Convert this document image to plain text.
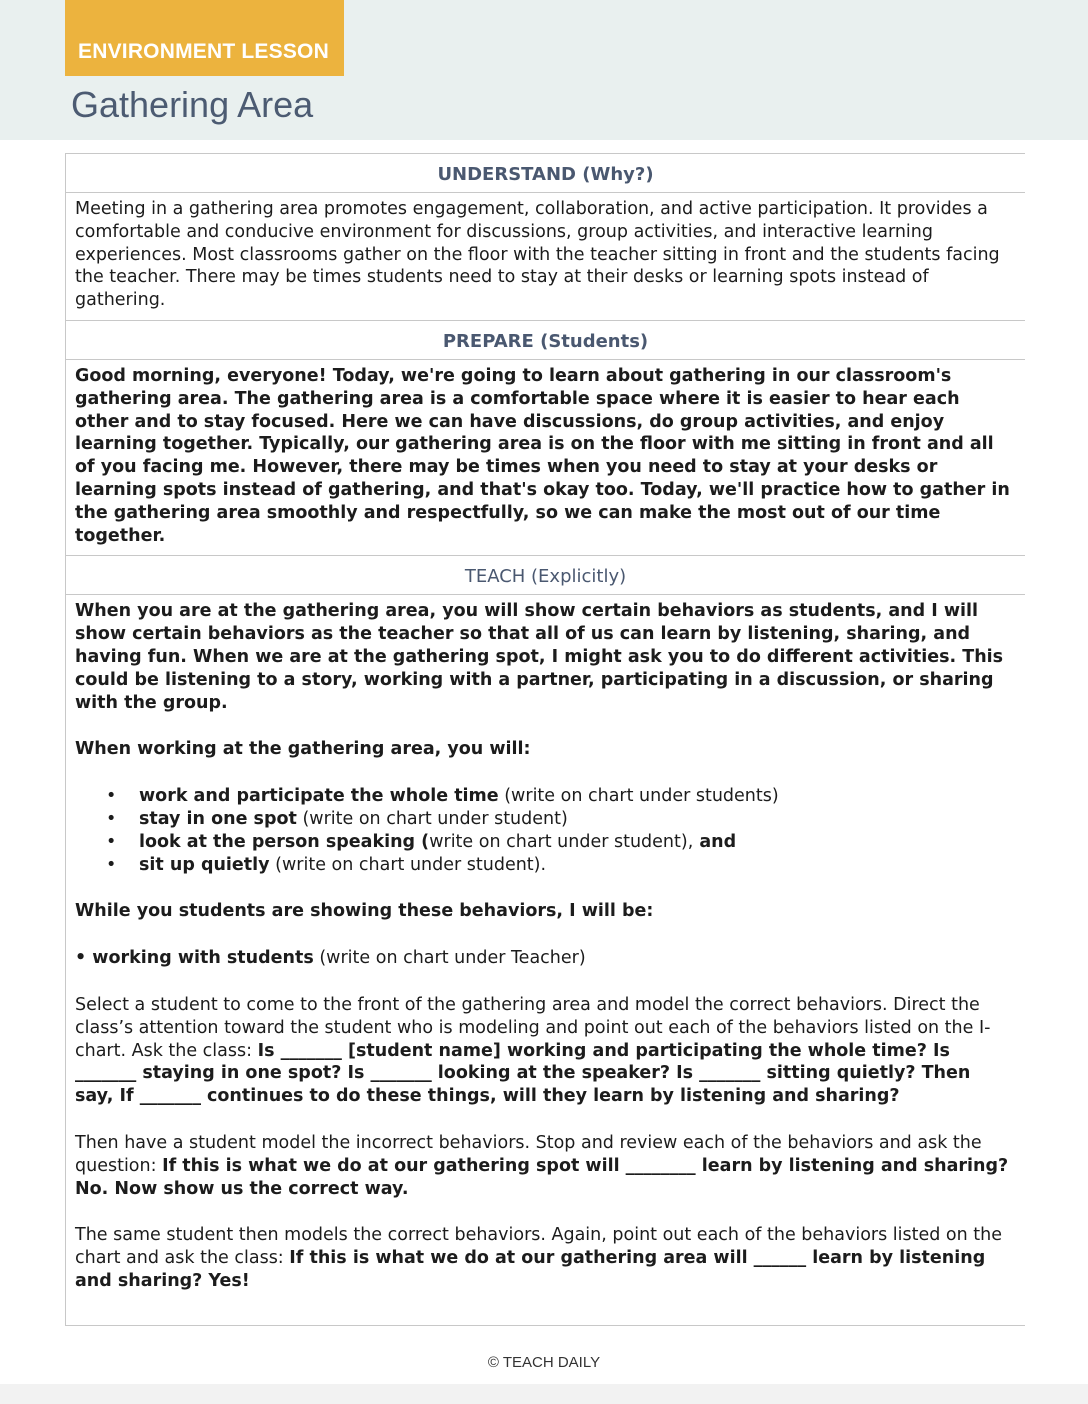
ENVIRONMENT LESSON
Gathering Area
UNDERSTAND (Why?)

Meeting in a gathering area promotes engagement, collaboration, and active participation. It provides a comfortable and conducive environment for discussions, group activities, and interactive learning experiences. Most classrooms gather on the floor with the teacher sitting in front and the students facing the teacher. There may be times students need to stay at their desks or learning spots instead of gathering.

PREPARE (Students)

Good morning, everyone! Today, we're going to learn about gathering in our classroom's gathering area. The gathering area is a comfortable space where it is easier to hear each other and to stay focused. Here we can have discussions, do group activities, and enjoy learning together. Typically, our gathering area is on the floor with me sitting in front and all of you facing me. However, there may be times when you need to stay at your desks or learning spots instead of gathering, and that's okay too. Today, we'll practice how to gather in the gathering area smoothly and respectfully, so we can make the most out of our time together.

TEACH (Explicitly)

When you are at the gathering area, you will show certain behaviors as students, and I will show certain behaviors as the teacher so that all of us can learn by listening, sharing, and having fun. When we are at the gathering spot, I might ask you to do different activities. This could be listening to a story, working with a partner, participating in a discussion, or sharing with the group.

When working at the gathering area, you will:

• work and participate the whole time (write on chart under students)
• stay in one spot (write on chart under student)
• look at the person speaking (write on chart under student), and
• sit up quietly (write on chart under student).

While you students are showing these behaviors, I will be:

• working with students (write on chart under Teacher)

Select a student to come to the front of the gathering area and model the correct behaviors. Direct the class’s attention toward the student who is modeling and point out each of the behaviors listed on the I-chart. Ask the class: Is _______ [student name] working and participating the whole time? Is _______ staying in one spot? Is _______ looking at the speaker? Is _______ sitting quietly? Then say, If _______ continues to do these things, will they learn by listening and sharing?

Then have a student model the incorrect behaviors. Stop and review each of the behaviors and ask the question: If this is what we do at our gathering spot will ________ learn by listening and sharing? No. Now show us the correct way.

The same student then models the correct behaviors. Again, point out each of the behaviors listed on the chart and ask the class: If this is what we do at our gathering area will ______ learn by listening and sharing? Yes!

© TEACH DAILY
